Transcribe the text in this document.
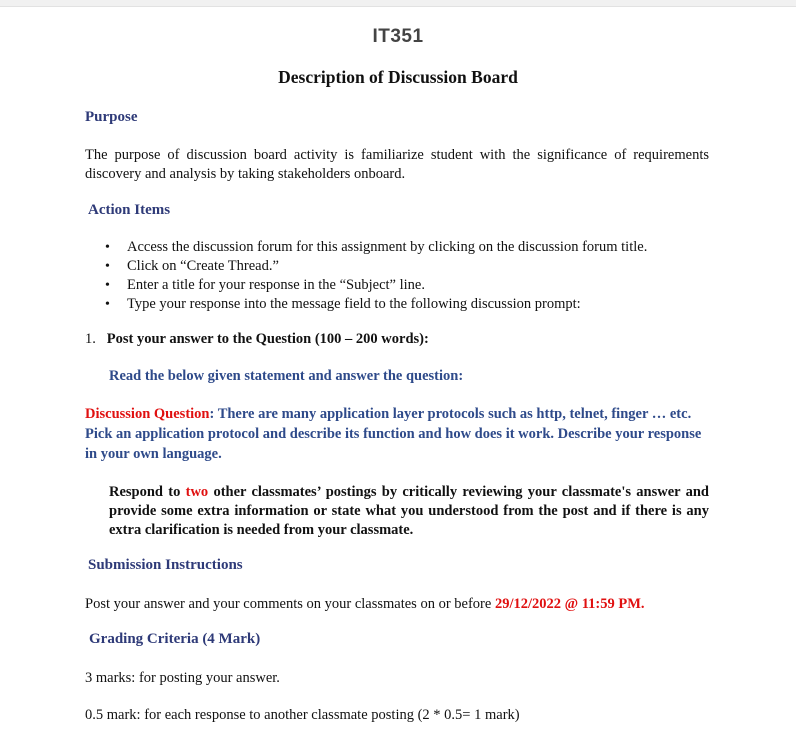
IT351
Description of Discussion Board
Purpose
The purpose of discussion board activity is familiarize student with the significance of requirements discovery and analysis by taking stakeholders onboard.
Action Items
• Access the discussion forum for this assignment by clicking on the discussion forum title.
• Click on “Create Thread.”
• Enter a title for your response in the “Subject” line.
• Type your response into the message field to the following discussion prompt:
1. Post your answer to the Question (100 – 200 words):
Read the below given statement and answer the question:
Discussion Question: There are many application layer protocols such as http, telnet, finger … etc. Pick an application protocol and describe its function and how does it work. Describe your response in your own language.
Respond to two other classmates’ postings by critically reviewing your classmate's answer and provide some extra information or state what you understood from the post and if there is any extra clarification is needed from your classmate.
Submission Instructions
Post your answer and your comments on your classmates on or before 29/12/2022 @ 11:59 PM.
Grading Criteria (4 Mark)
3 marks: for posting your answer.
0.5 mark: for each response to another classmate posting (2 * 0.5= 1 mark)
